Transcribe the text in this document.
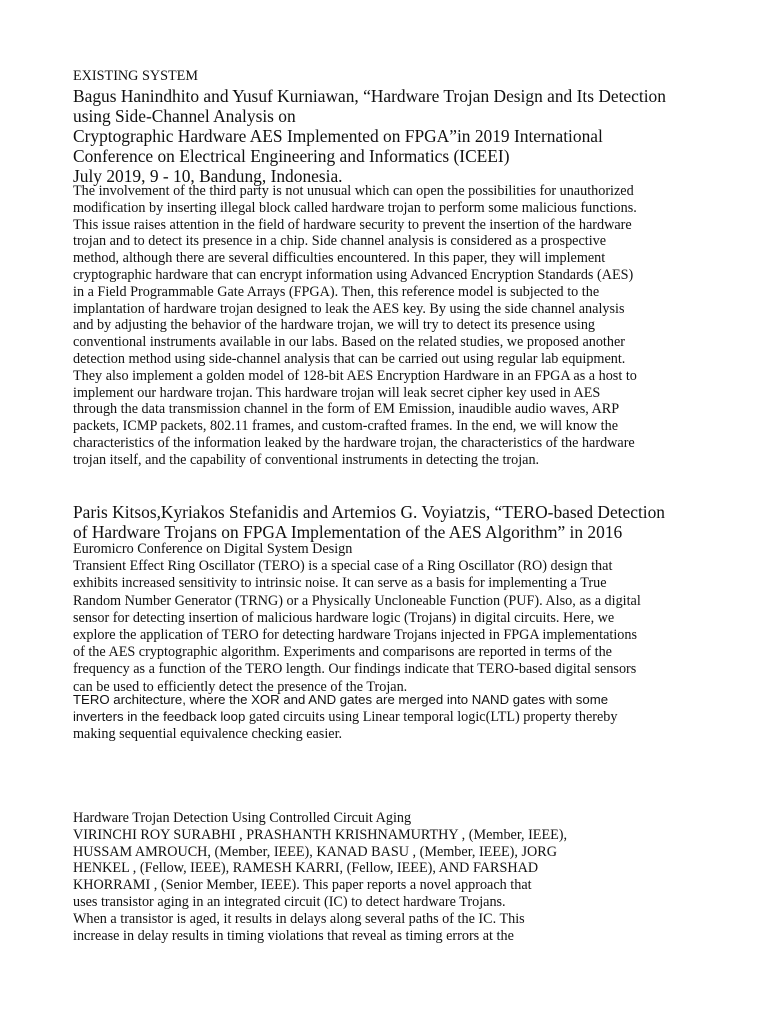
EXISTING SYSTEM
Bagus Hanindhito and Yusuf Kurniawan, “Hardware Trojan Design and Its Detection
using Side-Channel Analysis on
Cryptographic Hardware AES Implemented on FPGA”in 2019 International
Conference on Electrical Engineering and Informatics (ICEEI)
July 2019, 9 - 10, Bandung, Indonesia.
The involvement of the third party is not unusual which can open the possibilities for unauthorized
modification by inserting illegal block called hardware trojan to perform some malicious functions.
This issue raises attention in the field of hardware security to prevent the insertion of the hardware
trojan and to detect its presence in a chip. Side channel analysis is considered as a prospective
method, although there are several difficulties encountered. In this paper, they will implement
cryptographic hardware that can encrypt information using Advanced Encryption Standards (AES)
in a Field Programmable Gate Arrays (FPGA). Then, this reference model is subjected to the
implantation of hardware trojan designed to leak the AES key. By using the side channel analysis
and by adjusting the behavior of the hardware trojan, we will try to detect its presence using
conventional instruments available in our labs. Based on the related studies, we proposed another
detection method using side-channel analysis that can be carried out using regular lab equipment.
They also implement a golden model of 128-bit AES Encryption Hardware in an FPGA as a host to
implement our hardware trojan. This hardware trojan will leak secret cipher key used in AES
through the data transmission channel in the form of EM Emission, inaudible audio waves, ARP
packets, ICMP packets, 802.11 frames, and custom-crafted frames. In the end, we will know the
characteristics of the information leaked by the hardware trojan, the characteristics of the hardware
trojan itself, and the capability of conventional instruments in detecting the trojan.
Paris Kitsos,Kyriakos Stefanidis and Artemios G. Voyiatzis, “TERO-based Detection
of Hardware Trojans on FPGA Implementation of the AES Algorithm” in 2016
Euromicro Conference on Digital System Design
Transient Effect Ring Oscillator (TERO) is a special case of a Ring Oscillator (RO) design that
exhibits increased sensitivity to intrinsic noise. It can serve as a basis for implementing a True
Random Number Generator (TRNG) or a Physically Uncloneable Function (PUF). Also, as a digital
sensor for detecting insertion of malicious hardware logic (Trojans) in digital circuits. Here, we
explore the application of TERO for detecting hardware Trojans injected in FPGA implementations
of the AES cryptographic algorithm. Experiments and comparisons are reported in terms of the
frequency as a function of the TERO length. Our findings indicate that TERO-based digital sensors
can be used to efficiently detect the presence of the Trojan.
TERO architecture, where the XOR and AND gates are merged into NAND gates with some
inverters in the feedback loop gated circuits using Linear temporal logic(LTL) property thereby
making sequential equivalence checking easier.
Hardware Trojan Detection Using Controlled Circuit Aging
VIRINCHI ROY SURABHI , PRASHANTH KRISHNAMURTHY , (Member, IEEE),
HUSSAM AMROUCH, (Member, IEEE), KANAD BASU , (Member, IEEE), JORG
HENKEL , (Fellow, IEEE), RAMESH KARRI, (Fellow, IEEE), AND FARSHAD
KHORRAMI , (Senior Member, IEEE). This paper reports a novel approach that
uses transistor aging in an integrated circuit (IC) to detect hardware Trojans.
When a transistor is aged, it results in delays along several paths of the IC. This
increase in delay results in timing violations that reveal as timing errors at the
